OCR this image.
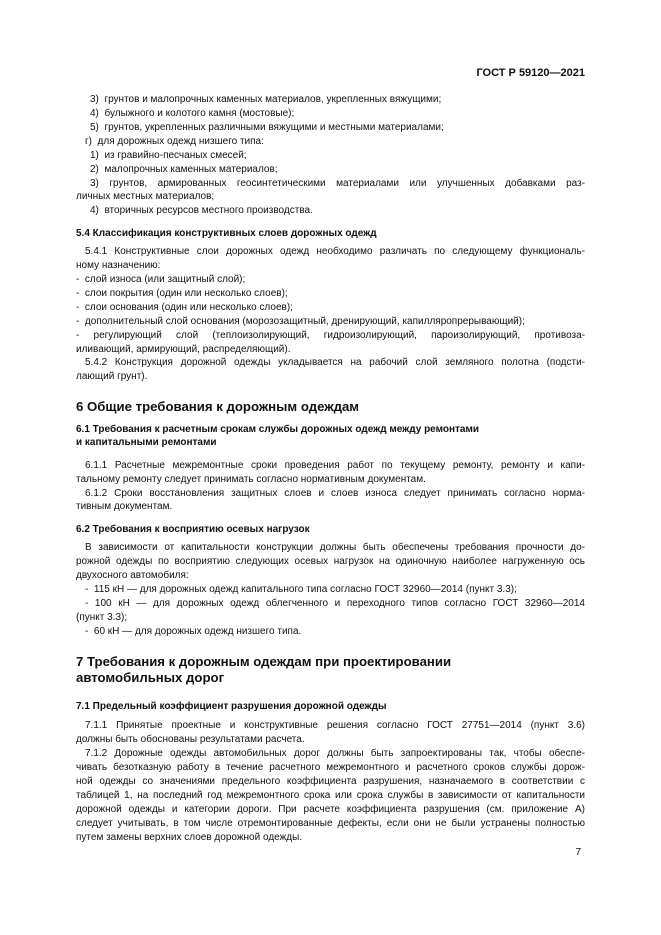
ГОСТ Р 59120—2021
3)  грунтов и малопрочных каменных материалов, укрепленных вяжущими;
4)  булыжного и колотого камня (мостовые);
5)  грунтов, укрепленных различными вяжущими и местными материалами;
г)  для дорожных одежд низшего типа:
1)  из гравийно-песчаных смесей;
2)  малопрочных каменных материалов;
3) грунтов, армированных геосинтетическими материалами или улучшенных добавками раз-
личных местных материалов;
4)  вторичных ресурсов местного производства.
5.4 Классификация конструктивных слоев дорожных одежд
5.4.1 Конструктивные слои дорожных одежд необходимо различать по следующему функциональ-
ному назначению:
-  слой износа (или защитный слой);
-  слои покрытия (один или несколько слоев);
-  слои основания (один или несколько слоев);
-  дополнительный слой основания (морозозащитный, дренирующий, капилляропрерывающий);
- регулирующий слой (теплоизолирующий, гидроизолирующий, пароизолирующий, противоза-
иливающий, армирующий, распределяющий).
5.4.2 Конструкция дорожной одежды укладывается на рабочий слой земляного полотна (подсти-
лающий грунт).
6 Общие требования к дорожным одеждам
6.1 Требования к расчетным срокам службы дорожных одежд между ремонтами
и капитальными ремонтами
6.1.1 Расчетные межремонтные сроки проведения работ по текущему ремонту, ремонту и капи-
тальному ремонту следует принимать согласно нормативным документам.
6.1.2 Сроки восстановления защитных слоев и слоев износа следует принимать согласно норма-
тивным документам.
6.2 Требования к восприятию осевых нагрузок
В зависимости от капитальности конструкции должны быть обеспечены требования прочности до-
рожной одежды по восприятию следующих осевых нагрузок на одиночную наиболее нагруженную ось
двухосного автомобиля:
-  115 кН — для дорожных одежд капитального типа согласно ГОСТ 32960—2014 (пункт 3.3);
- 100 кН — для дорожных одежд облегченного и переходного типов согласно ГОСТ 32960—2014
(пункт 3.3);
-  60 кН — для дорожных одежд низшего типа.
7 Требования к дорожным одеждам при проектировании
автомобильных дорог
7.1 Предельный коэффициент разрушения дорожной одежды
7.1.1 Принятые проектные и конструктивные решения согласно ГОСТ 27751—2014 (пункт 3.6)
должны быть обоснованы результатами расчета.
7.1.2 Дорожные одежды автомобильных дорог должны быть запроектированы так, чтобы обеспе-
чивать безотказную работу в течение расчетного межремонтного и расчетного сроков службы дорож-
ной одежды со значениями предельного коэффициента разрушения, назначаемого в соответствии с
таблицей 1, на последний год межремонтного срока или срока службы в зависимости от капитальности
дорожной одежды и категории дороги. При расчете коэффициента разрушения (см. приложение А)
следует учитывать, в том числе отремонтированные дефекты, если они не были устранены полностью
путем замены верхних слоев дорожной одежды.
7
